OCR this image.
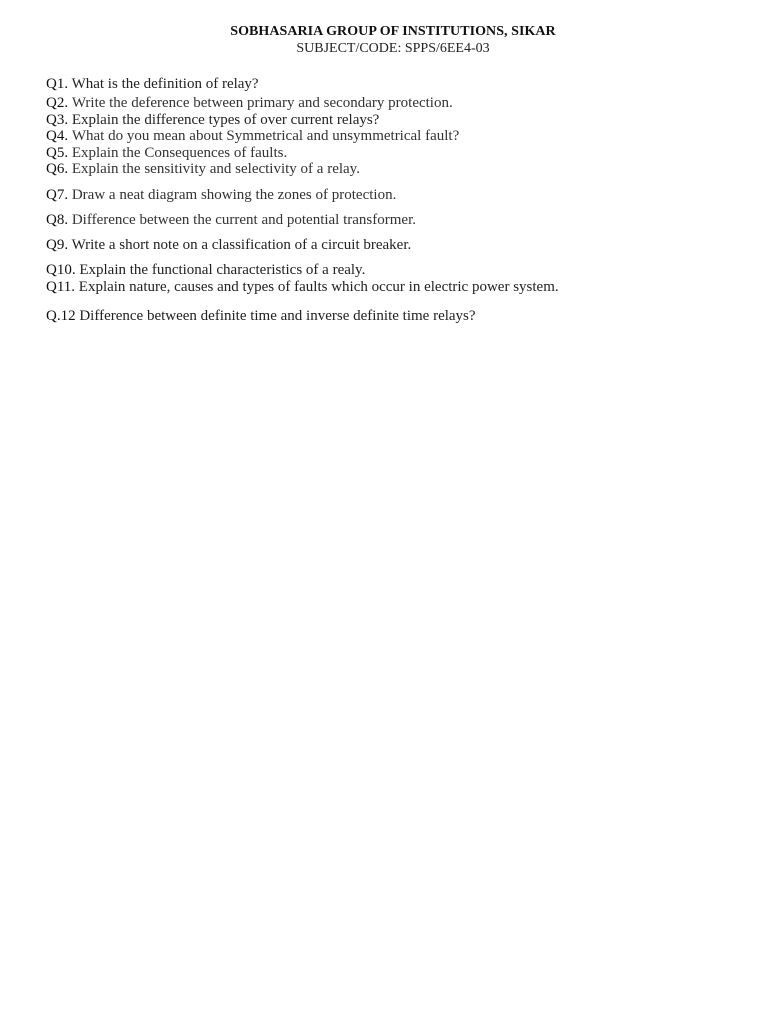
SOBHASARIA GROUP OF INSTITUTIONS, SIKAR
SUBJECT/CODE: SPPS/6EE4-03
Q1. What is the definition of relay?
Q2. Write the deference between primary and secondary protection.
Q3. Explain the difference types of over current relays?
Q4. What do you mean about Symmetrical and unsymmetrical fault?
Q5. Explain the Consequences of faults.
Q6. Explain the sensitivity and selectivity of a relay.
Q7. Draw a neat diagram showing the zones of protection.
Q8. Difference between the current and potential transformer.
Q9. Write a short note on a classification of a circuit breaker.
Q10. Explain the functional characteristics of a realy.
Q11. Explain nature, causes and types of faults which occur in electric power system.
Q.12 Difference between definite time and inverse definite time relays?
